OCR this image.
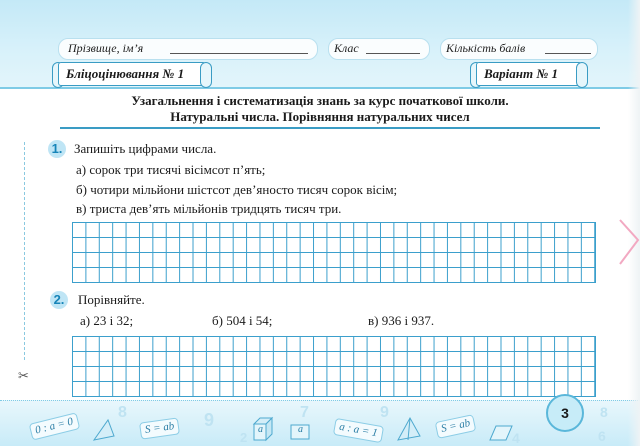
Прізвище, ім’я	Клас	Кількість балів
Бліцоцінювання № 1	Варіант № 1
Узагальнення і систематизація знань за курс початкової школи.
Натуральні числа. Порівняння натуральних чисел
✂
1. Запишіть цифрами числа.
а) сорок три тисячі вісімсот п’ять;
б) чотири мільйони шістсот дев’яносто тисяч сорок вісім;
в) триста дев’ять мільйонів тридцять тисяч три.
2. Порівняйте.
а) 23 і 32;	б) 504 і 54;	в) 936 і 937.
8	9	7	9
4	6
2
8
0 : a = 0	S = ab	a	a	a : a = 1	S = ab
3
